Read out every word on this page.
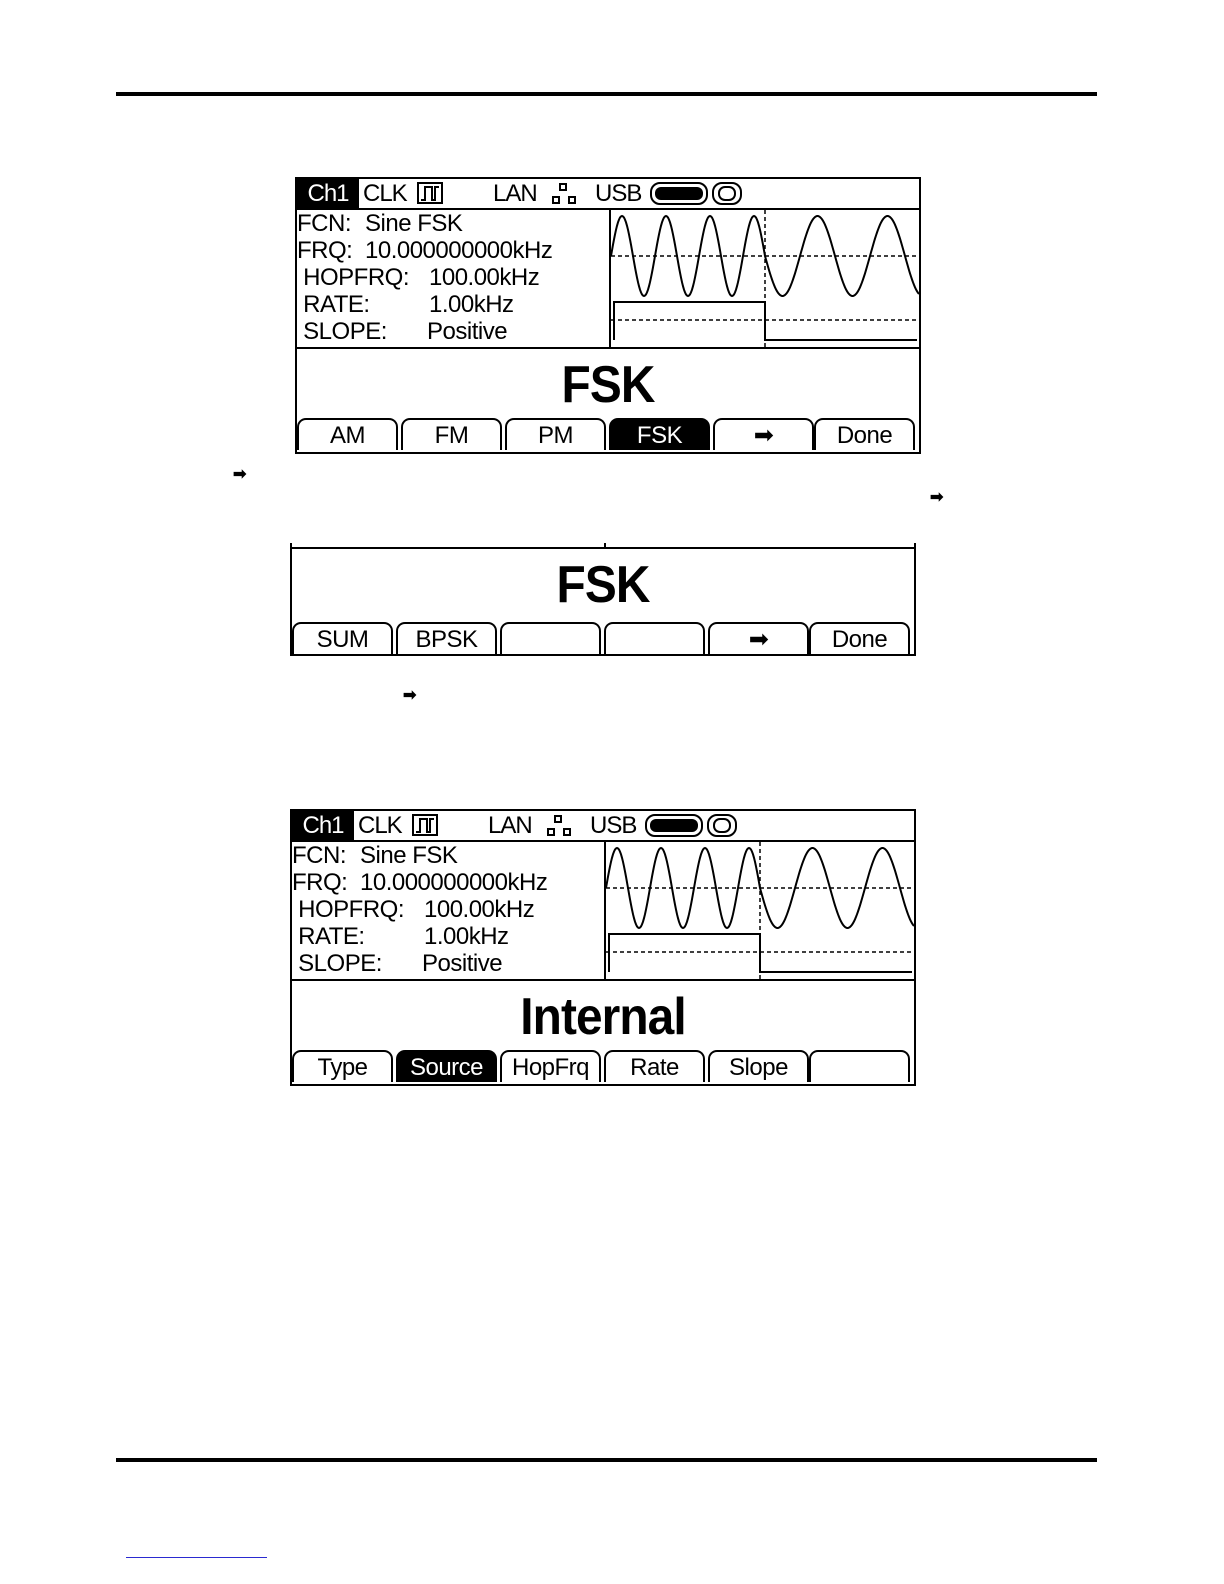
Ch1 CLK	LAN USB
FCN: Sine FSK
FRQ: 10.000000000kHz
HOPFRQ: 100.00kHz
RATE: 1.00kHz
SLOPE: Positive
FSK
AM	FM	PM	FSK	➡	Done
➡
➡
FSK
SUM	BPSK	➡	Done
➡
Ch1 CLK	LAN USB
FCN: Sine FSK
FRQ: 10.000000000kHz
HOPFRQ: 100.00kHz
RATE: 1.00kHz
SLOPE: Positive
Internal
Type	Source	HopFrq	Rate	Slope
